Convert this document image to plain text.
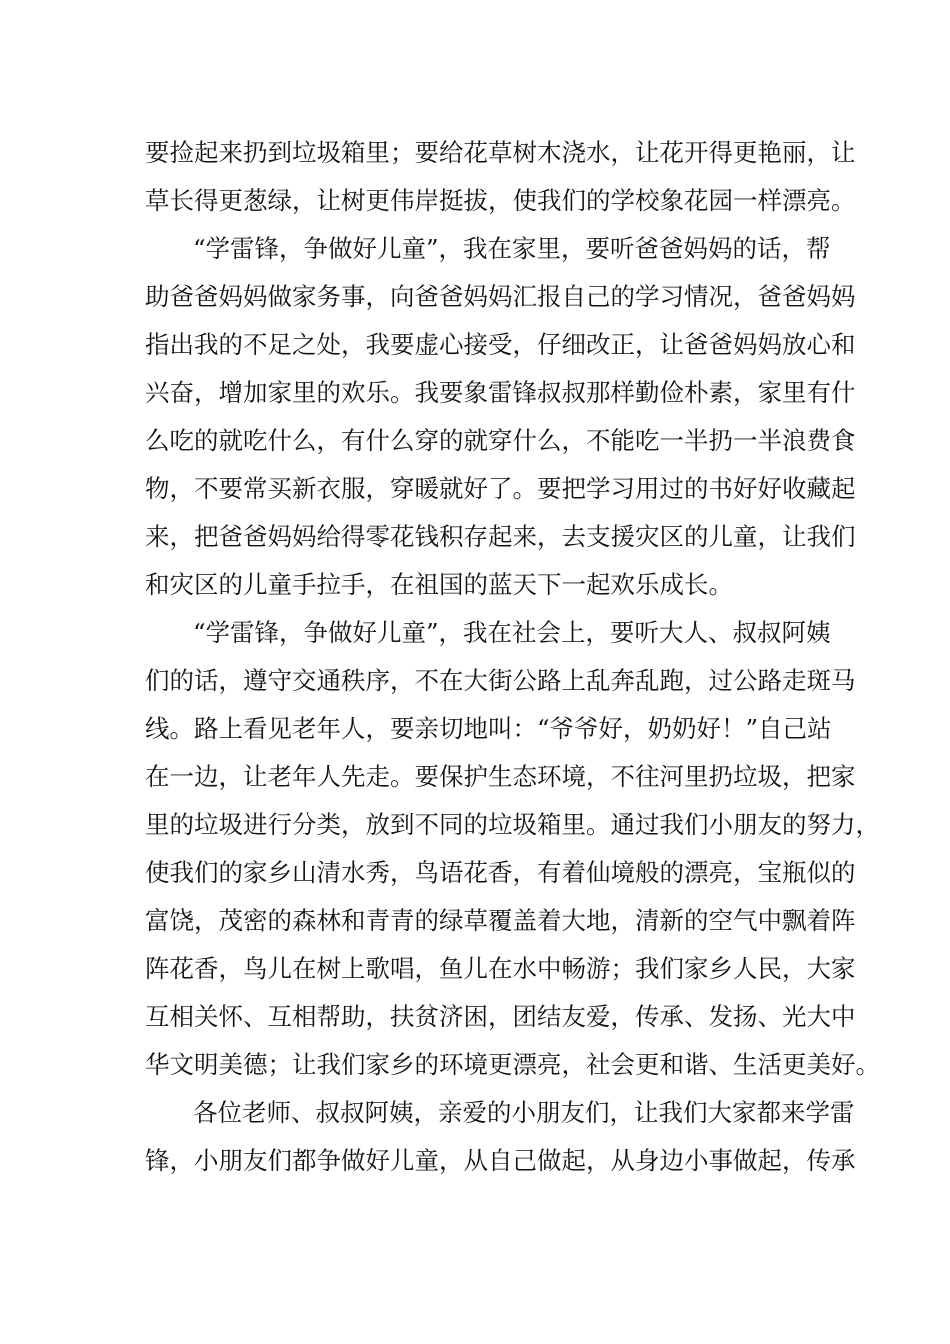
要捡起来扔到垃圾箱里；要给花草树木浇水，让花开得更艳丽，让
草长得更葱绿，让树更伟岸挺拔，使我们的学校象花园一样漂亮。
“学雷锋，争做好儿童”，我在家里，要听爸爸妈妈的话，帮
助爸爸妈妈做家务事，向爸爸妈妈汇报自己的学习情况，爸爸妈妈
指出我的不足之处，我要虚心接受，仔细改正，让爸爸妈妈放心和
兴奋，增加家里的欢乐。我要象雷锋叔叔那样勤俭朴素，家里有什
么吃的就吃什么，有什么穿的就穿什么，不能吃一半扔一半浪费食
物，不要常买新衣服，穿暖就好了。要把学习用过的书好好收藏起
来，把爸爸妈妈给得零花钱积存起来，去支援灾区的儿童，让我们
和灾区的儿童手拉手，在祖国的蓝天下一起欢乐成长。
“学雷锋，争做好儿童”，我在社会上，要听大人、叔叔阿姨
们的话，遵守交通秩序，不在大街公路上乱奔乱跑，过公路走斑马
线。路上看见老年人，要亲切地叫：“爷爷好，奶奶好！”自己站
在一边，让老年人先走。要保护生态环境，不往河里扔垃圾，把家
里的垃圾进行分类，放到不同的垃圾箱里。通过我们小朋友的努力，
使我们的家乡山清水秀，鸟语花香，有着仙境般的漂亮，宝瓶似的
富饶，茂密的森林和青青的绿草覆盖着大地，清新的空气中飘着阵
阵花香，鸟儿在树上歌唱，鱼儿在水中畅游；我们家乡人民，大家
互相关怀、互相帮助，扶贫济困，团结友爱，传承、发扬、光大中
华文明美德；让我们家乡的环境更漂亮，社会更和谐、生活更美好。
各位老师、叔叔阿姨，亲爱的小朋友们，让我们大家都来学雷
锋，小朋友们都争做好儿童，从自己做起，从身边小事做起，传承
